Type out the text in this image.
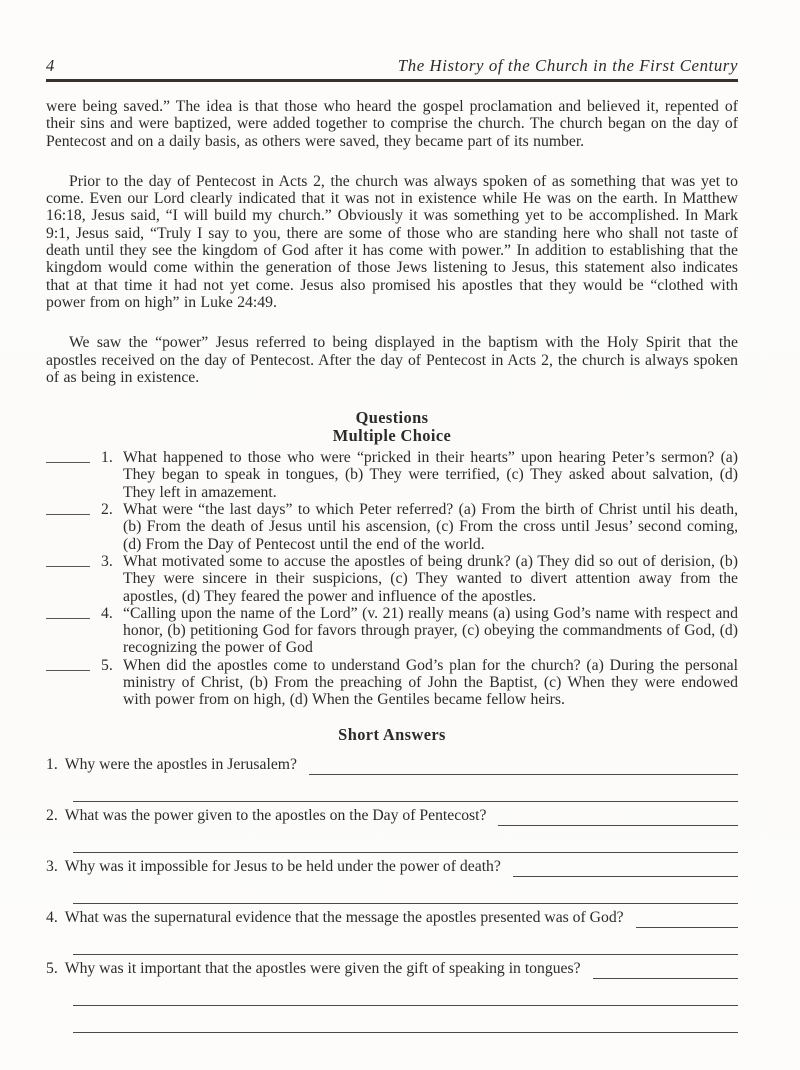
4	The History of the Church in the First Century

were being saved.” The idea is that those who heard the gospel proclamation and believed it, repented of their sins and were baptized, were added together to comprise the church. The church began on the day of Pentecost and on a daily basis, as others were saved, they became part of its number.

Prior to the day of Pentecost in Acts 2, the church was always spoken of as something that was yet to come. Even our Lord clearly indicated that it was not in existence while He was on the earth. In Matthew 16:18, Jesus said, “I will build my church.” Obviously it was something yet to be accomplished. In Mark 9:1, Jesus said, “Truly I say to you, there are some of those who are standing here who shall not taste of death until they see the kingdom of God after it has come with power.” In addition to establishing that the kingdom would come within the generation of those Jews listening to Jesus, this statement also indicates that at that time it had not yet come. Jesus also promised his apostles that they would be “clothed with power from on high” in Luke 24:49.

We saw the “power” Jesus referred to being displayed in the baptism with the Holy Spirit that the apostles received on the day of Pentecost. After the day of Pentecost in Acts 2, the church is always spoken of as being in existence.

Questions
Multiple Choice
1. What happened to those who were “pricked in their hearts” upon hearing Peter’s sermon? (a) They began to speak in tongues, (b) They were terrified, (c) They asked about salvation, (d) They left in amazement.
2. What were “the last days” to which Peter referred? (a) From the birth of Christ until his death, (b) From the death of Jesus until his ascension, (c) From the cross until Jesus’ second coming, (d) From the Day of Pentecost until the end of the world.
3. What motivated some to accuse the apostles of being drunk? (a) They did so out of derision, (b) They were sincere in their suspicions, (c) They wanted to divert attention away from the apostles, (d) They feared the power and influence of the apostles.
4. “Calling upon the name of the Lord” (v. 21) really means (a) using God’s name with respect and honor, (b) petitioning God for favors through prayer, (c) obeying the commandments of God, (d) recognizing the power of God
5. When did the apostles come to understand God’s plan for the church? (a) During the personal ministry of Christ, (b) From the preaching of John the Baptist, (c) When they were endowed with power from on high, (d) When the Gentiles became fellow heirs.
Short Answers
1. Why were the apostles in Jerusalem?
2. What was the power given to the apostles on the Day of Pentecost?
3. Why was it impossible for Jesus to be held under the power of death?
4. What was the supernatural evidence that the message the apostles presented was of God?
5. Why was it important that the apostles were given the gift of speaking in tongues?
